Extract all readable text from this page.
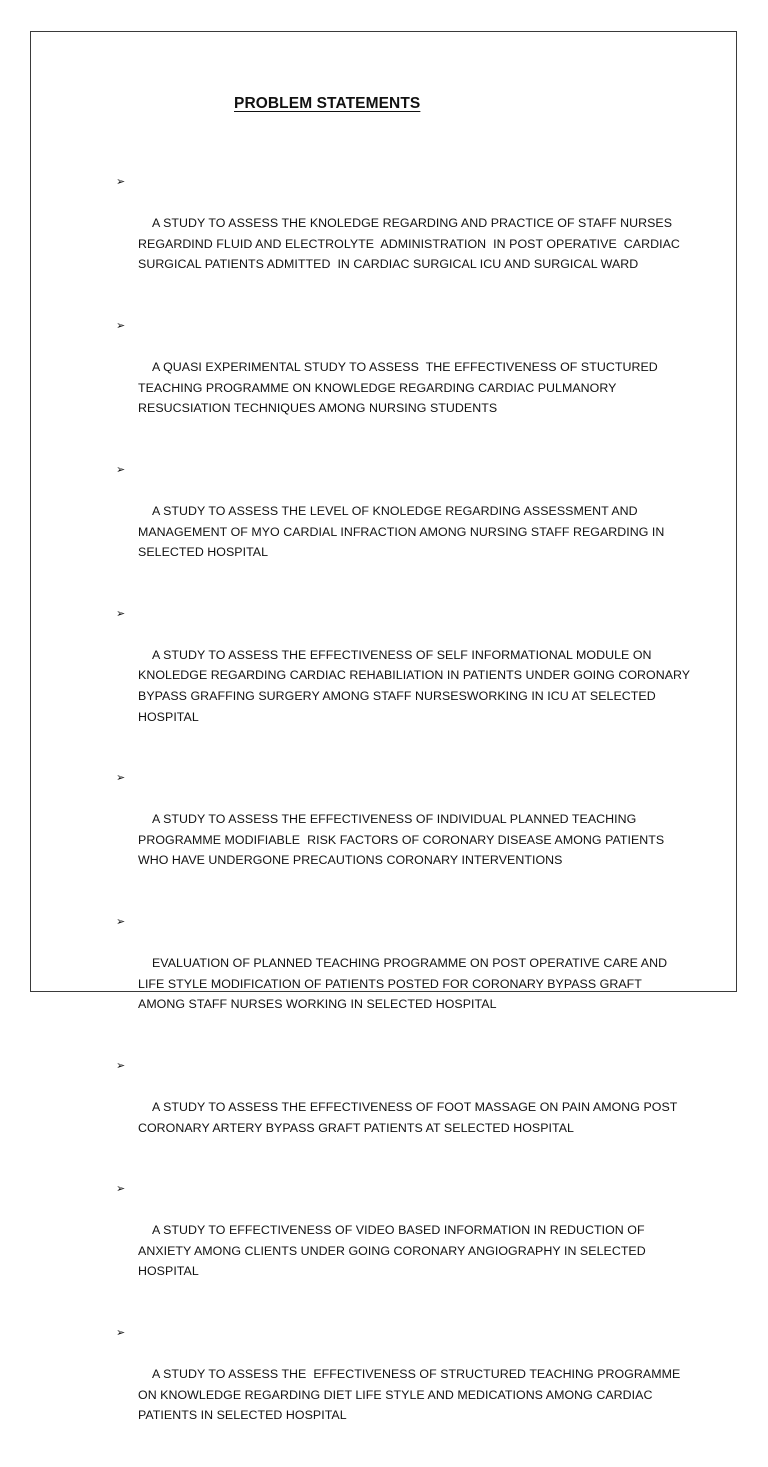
PROBLEM STATEMENTS

➢

A STUDY TO ASSESS THE KNOLEDGE REGARDING AND PRACTICE OF STAFF NURSES REGARDIND FLUID AND ELECTROLYTE  ADMINISTRATION  IN POST OPERATIVE  CARDIAC SURGICAL PATIENTS ADMITTED  IN CARDIAC SURGICAL ICU AND SURGICAL WARD

➢

A QUASI EXPERIMENTAL STUDY TO ASSESS  THE EFFECTIVENESS OF STUCTURED TEACHING PROGRAMME ON KNOWLEDGE REGARDING CARDIAC PULMANORY RESUCSIATION TECHNIQUES AMONG NURSING STUDENTS

➢

A STUDY TO ASSESS THE LEVEL OF KNOLEDGE REGARDING ASSESSMENT AND MANAGEMENT OF MYO CARDIAL INFRACTION AMONG NURSING STAFF REGARDING IN SELECTED HOSPITAL

➢

A STUDY TO ASSESS THE EFFECTIVENESS OF SELF INFORMATIONAL MODULE ON KNOLEDGE REGARDING CARDIAC REHABILIATION IN PATIENTS UNDER GOING CORONARY BYPASS GRAFFING SURGERY AMONG STAFF NURSESWORKING IN ICU AT SELECTED HOSPITAL

➢

A STUDY TO ASSESS THE EFFECTIVENESS OF INDIVIDUAL PLANNED TEACHING PROGRAMME MODIFIABLE  RISK FACTORS OF CORONARY DISEASE AMONG PATIENTS WHO HAVE UNDERGONE PRECAUTIONS CORONARY INTERVENTIONS

➢

EVALUATION OF PLANNED TEACHING PROGRAMME ON POST OPERATIVE CARE AND LIFE STYLE MODIFICATION OF PATIENTS POSTED FOR CORONARY BYPASS GRAFT AMONG STAFF NURSES WORKING IN SELECTED HOSPITAL

➢

A STUDY TO ASSESS THE EFFECTIVENESS OF FOOT MASSAGE ON PAIN AMONG POST CORONARY ARTERY BYPASS GRAFT PATIENTS AT SELECTED HOSPITAL

➢

A STUDY TO EFFECTIVENESS OF VIDEO BASED INFORMATION IN REDUCTION OF ANXIETY AMONG CLIENTS UNDER GOING CORONARY ANGIOGRAPHY IN SELECTED HOSPITAL

➢

A STUDY TO ASSESS THE  EFFECTIVENESS OF STRUCTURED TEACHING PROGRAMME ON KNOWLEDGE REGARDING DIET LIFE STYLE AND MEDICATIONS AMONG CARDIAC PATIENTS IN SELECTED HOSPITAL
